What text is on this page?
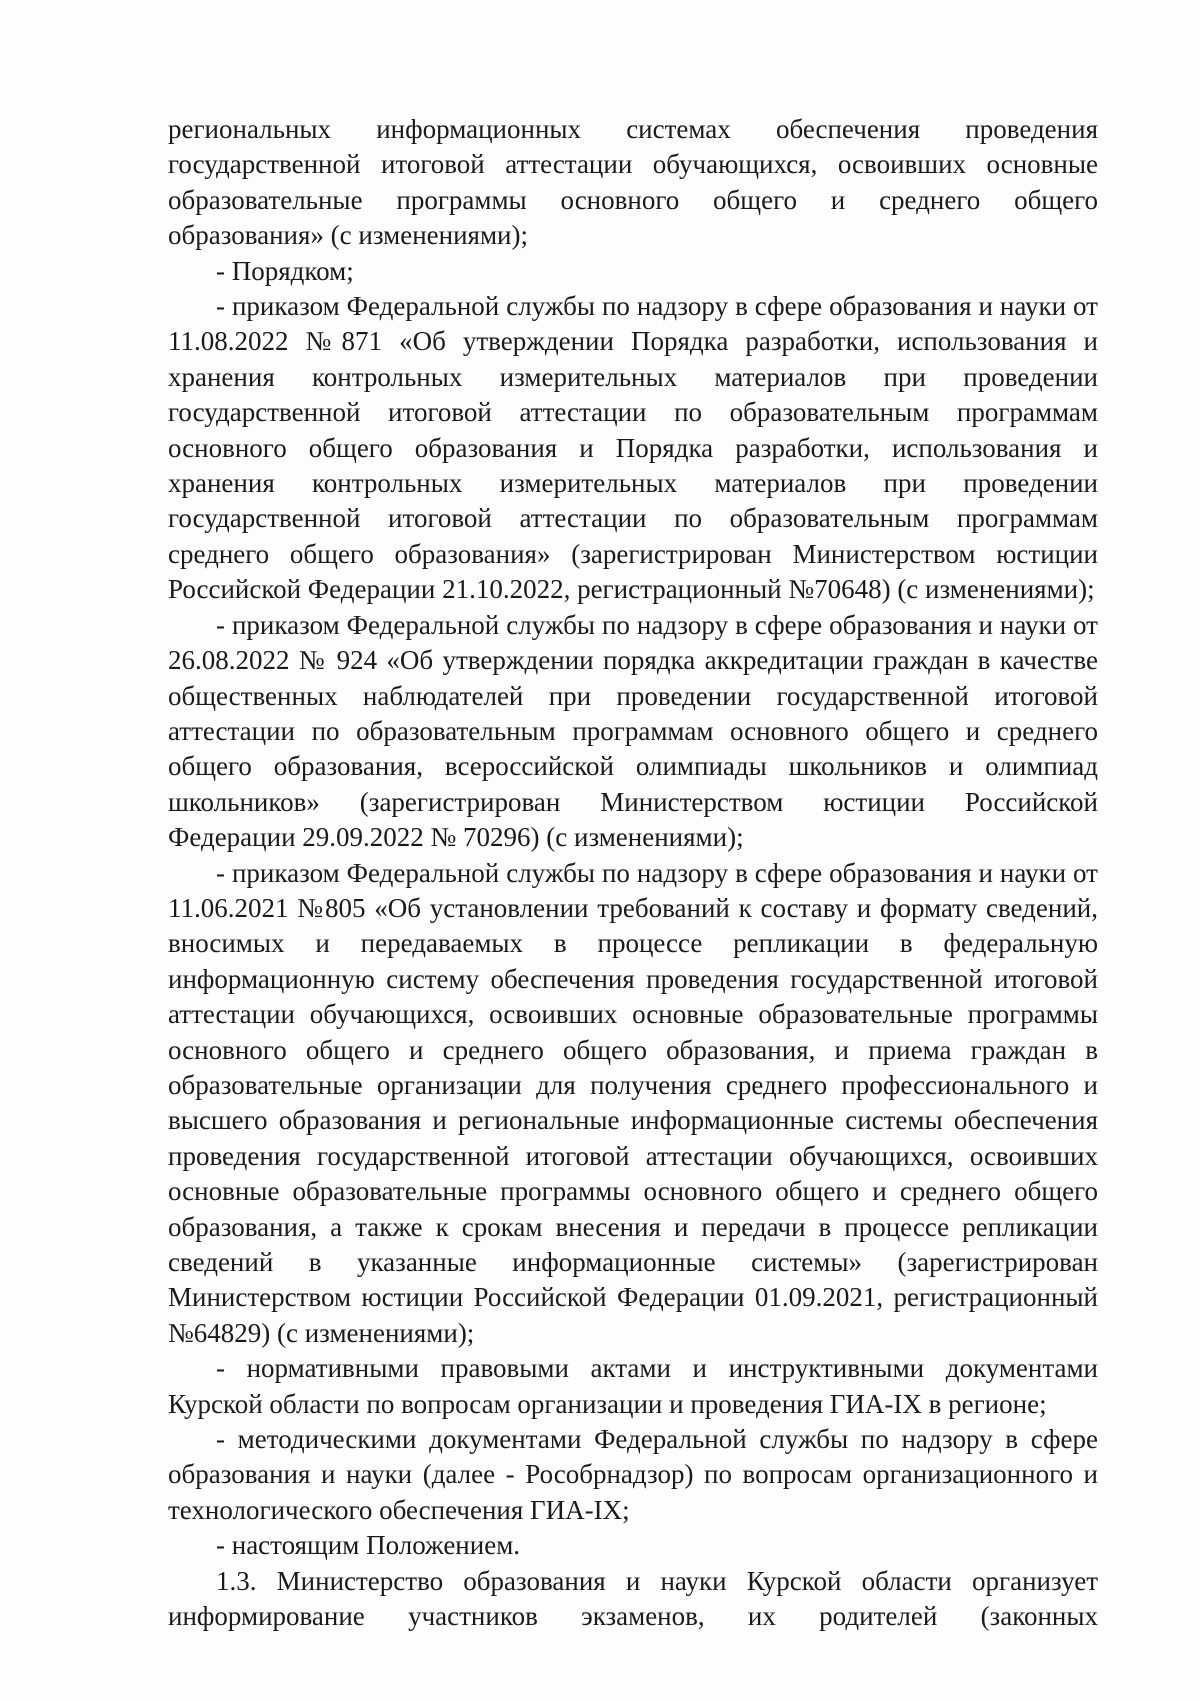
региональных информационных системах обеспечения проведения государственной итоговой аттестации обучающихся, освоивших основные образовательные программы основного общего и среднего общего образования» (с изменениями);

- Порядком;

- приказом Федеральной службы по надзору в сфере образования и науки от 11.08.2022 №871 «Об утверждении Порядка разработки, использования и хранения контрольных измерительных материалов при проведении государственной итоговой аттестации по образовательным программам основного общего образования и Порядка разработки, использования и хранения контрольных измерительных материалов при проведении государственной итоговой аттестации по образовательным программам среднего общего образования» (зарегистрирован Министерством юстиции Российской Федерации 21.10.2022, регистрационный №70648) (с изменениями);

- приказом Федеральной службы по надзору в сфере образования и науки от 26.08.2022 № 924 «Об утверждении порядка аккредитации граждан в качестве общественных наблюдателей при проведении государственной итоговой аттестации по образовательным программам основного общего и среднего общего образования, всероссийской олимпиады школьников и олимпиад школьников» (зарегистрирован Министерством юстиции Российской Федерации 29.09.2022 № 70296) (с изменениями);

- приказом Федеральной службы по надзору в сфере образования и науки от 11.06.2021 №805 «Об установлении требований к составу и формату сведений, вносимых и передаваемых в процессе репликации в федеральную информационную систему обеспечения проведения государственной итоговой аттестации обучающихся, освоивших основные образовательные программы основного общего и среднего общего образования, и приема граждан в образовательные организации для получения среднего профессионального и высшего образования и региональные информационные системы обеспечения проведения государственной итоговой аттестации обучающихся, освоивших основные образовательные программы основного общего и среднего общего образования, а также к срокам внесения и передачи в процессе репликации сведений в указанные информационные системы» (зарегистрирован Министерством юстиции Российской Федерации 01.09.2021, регистрационный №64829) (с изменениями);

- нормативными правовыми актами и инструктивными документами Курской области по вопросам организации и проведения ГИА-IX в регионе;

- методическими документами Федеральной службы по надзору в сфере образования и науки (далее - Рособрнадзор) по вопросам организационного и технологического обеспечения ГИА-IX;

- настоящим Положением.

1.3. Министерство образования и науки Курской области организует информирование участников экзаменов, их родителей (законных
